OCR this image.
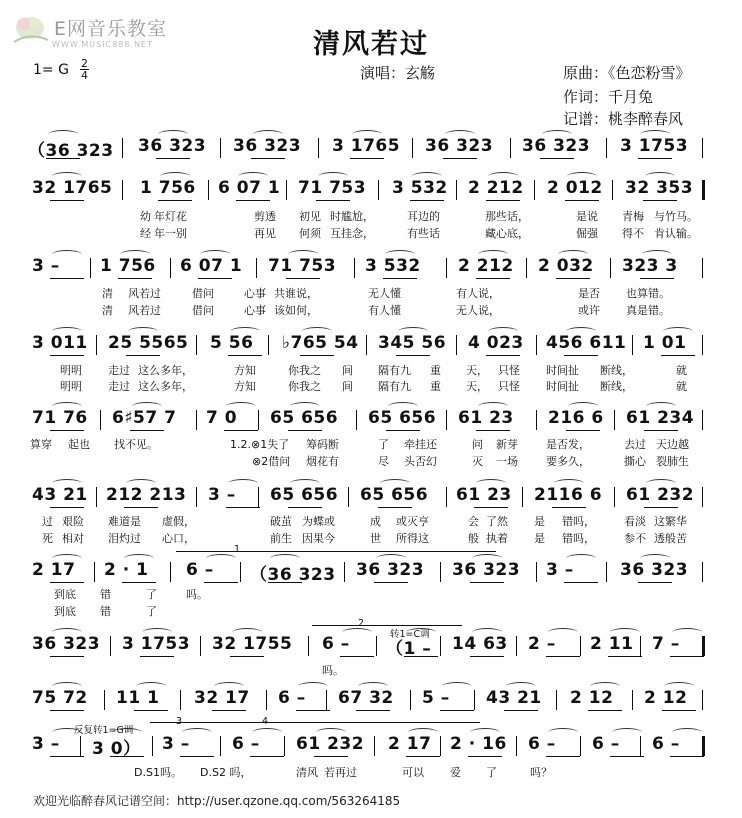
E网音乐教室
WWW.MUSIC888.NET	清风若过
演唱：玄觞	原曲：《色恋粉雪》
作词：千月兔
记谱：桃李醉春风
1= G 2
4
（36 323 36 323 36 323 3 1765 36 323 36 323 3 1753
32 1765 1 756 6 07 1 71 753 3 532 2 212 2 012 32 353
幼 年灯花	剪透 初见 时尴尬，	耳边的	那些话，	是说 青梅 与竹马。
经 年一别	再见 何须 互挂念，	有些话	藏心底，	倔强 得不 肯认输。
3 – 1 756 6 07 1 71 753 3 532 2 212 2 032 323 3
清 风若过	借问	心事 共谁说，	无人懂	有人说，	是否 也算错。
清 风若过	借问	心事 该如何，	有人懂	无人说，	或许 真是错。
3 011 25 5565 5 56 ♭765 54 345 56 4 023 456 611 1 01
明明 走过 这么多年，	方知	你我之 间 隔有九 重 天， 只怪 时间扯 断线，	就
明明 走过 这么多年，	方知	你我之 间 隔有九 重 天， 只怪 时间扯 断线，	就
71 76 6♯57 7 7 0 65 656 65 656 61 23 216 6 61 234
算穿 起也 找不见。	1.2.⊗1失了 筹码断	了 牵挂还	问 新芽	是否发，	去过 天边越
⊗2借问 烟花有	尽 头否幻	灭 一场	要多久，	撕心 裂肺生
43 21 212 213 3 – 65 656 65 656 61 23 2116 6 61 232
过 艰险 难道是 虚假，	破茧 为蝶或	成 或灭亨	会 了然 是 错吗，	看淡 这繁华
死 相对 泪灼过 心口，	前生 因果今	世 所得这	般 执着 是 错吗，	参不 透般苦
2 17 2 · 1 6 – （36 323 36 323 36 323 3 –	36 323
到底 错	了	吗。
到底 错	了
36 323 3 1753 32 1755 6 – （1 – 14 63 2 – 2 11 7 –
吗。
75 72 11 1 32 17 6 – 67 32 5 – 43 21 2 12 2 12
3 – 3 0） 3 – 6 – 61 232 2 17 2 · 16 6 – 6 – 6 –
D.S1吗。 D.S2 吗，	清风 若再过	可以 爱 了	吗？
1
2
转1=C调
反复转1=G调
3	4
欢迎光临醉春风记谱空间：http://user.qzone.qq.com/563264185
